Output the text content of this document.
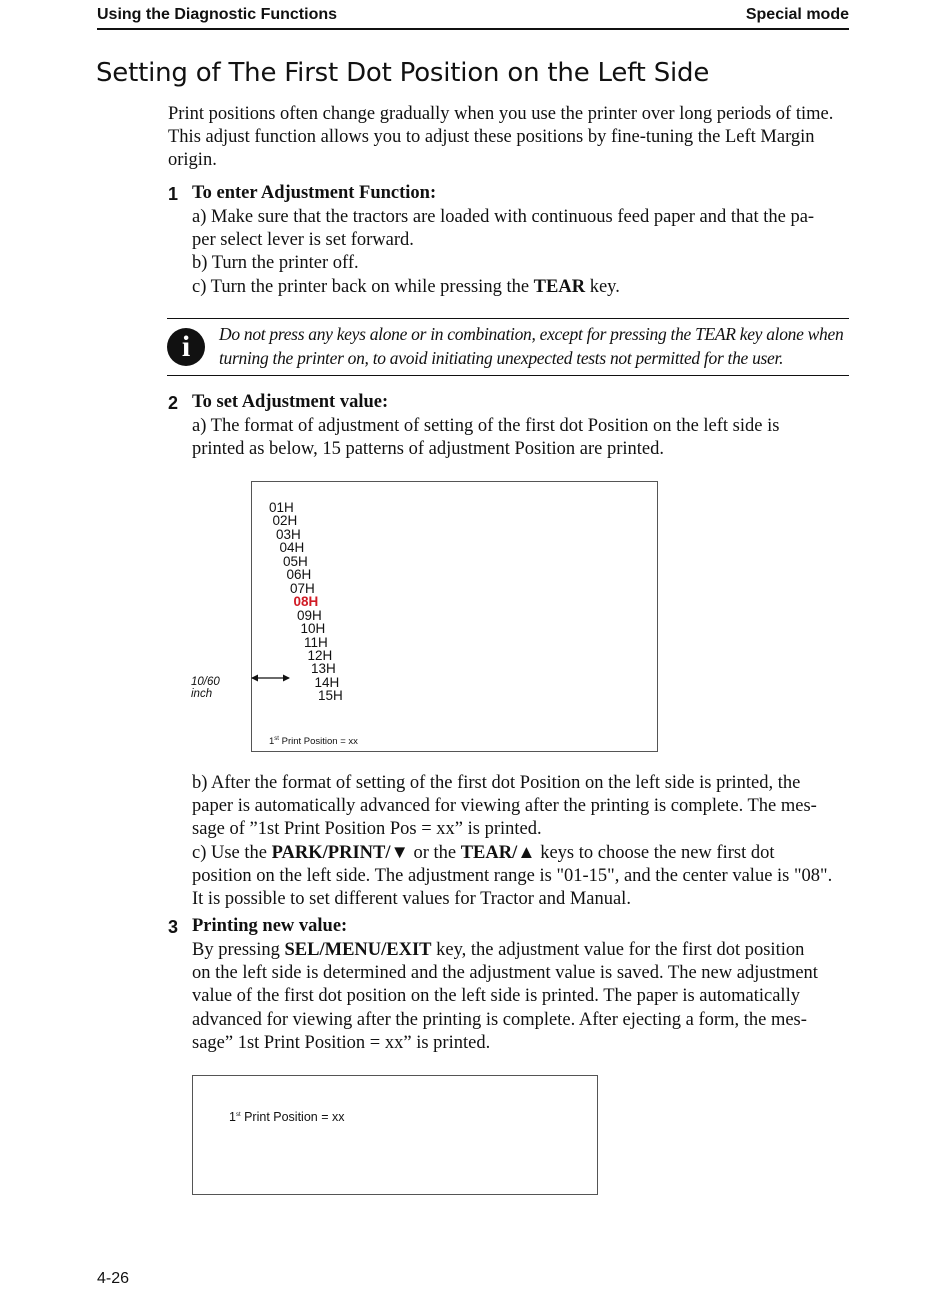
Using the Diagnostic Functions	Special mode
Setting of The First Dot Position on the Left Side
Print positions often change gradually when you use the printer over long periods of time.
This adjust function allows you to adjust these positions by fine-tuning the Left Margin
origin.
1 To enter Adjustment Function:
a) Make sure that the tractors are loaded with continuous feed paper and that the pa-
per select lever is set forward.
b) Turn the printer off.
c) Turn the printer back on while pressing the TEAR key.
i	Do not press any keys alone or in combination, except for pressing the TEAR key alone when
turning the printer on, to avoid initiating unexpected tests not permitted for the user.
2 To set Adjustment value:
a) The format of adjustment of setting of the first dot Position on the left side is
printed as below, 15 patterns of adjustment Position are printed.
01H
02H
03H
04H
05H
06H
07H
08H
09H
10H
11H
12H
13H
14H
15H
1st Print Position = xx
10/60
inch
b) After the format of setting of the first dot Position on the left side is printed, the
paper is automatically advanced for viewing after the printing is complete. The mes-
sage of ”1st Print Position Pos = xx” is printed.
c) Use the PARK/PRINT/▼ or the TEAR/▲ keys to choose the new first dot
position on the left side. The adjustment range is "01-15", and the center value is "08".
It is possible to set different values for Tractor and Manual.
3 Printing new value:
By pressing SEL/MENU/EXIT key, the adjustment value for the first dot position
on the left side is determined and the adjustment value is saved. The new adjustment
value of the first dot position on the left side is printed. The paper is automatically
advanced for viewing after the printing is complete. After ejecting a form, the mes-
sage” 1st Print Position = xx” is printed.
1st Print Position = xx
4-26
